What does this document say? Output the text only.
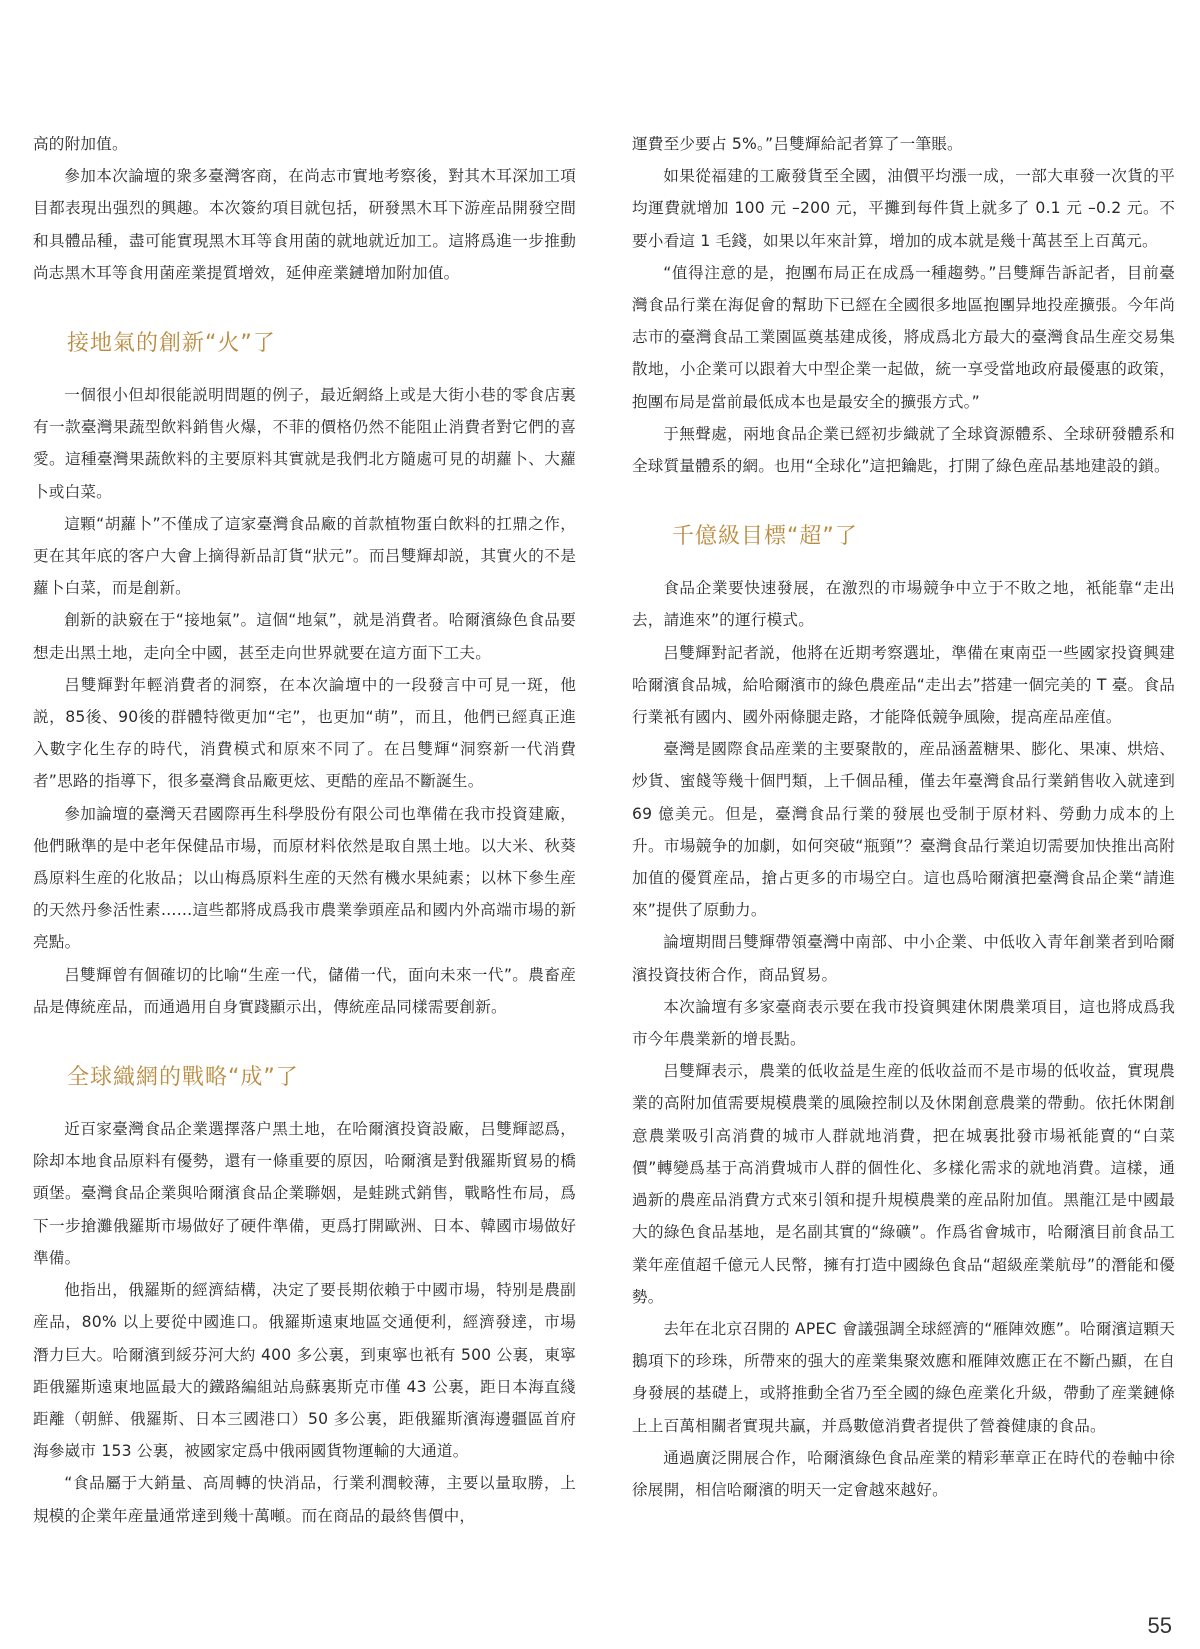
高的附加值。

參加本次論壇的衆多臺灣客商，在尚志市實地考察後，對其木耳深加工項目都表現出强烈的興趣。本次簽約項目就包括，研發黑木耳下游産品開發空間和具體品種，盡可能實現黑木耳等食用菌的就地就近加工。這將爲進一步推動尚志黑木耳等食用菌産業提質增效，延伸産業鏈增加附加值。

接地氣的創新“火”了

一個很小但却很能説明問題的例子，最近網絡上或是大街小巷的零食店裏有一款臺灣果蔬型飲料銷售火爆，不菲的價格仍然不能阻止消費者對它們的喜愛。這種臺灣果蔬飲料的主要原料其實就是我們北方隨處可見的胡蘿卜、大蘿卜或白菜。

這顆“胡蘿卜”不僅成了這家臺灣食品廠的首款植物蛋白飲料的扛鼎之作，更在其年底的客户大會上摘得新品訂貨“狀元”。而吕雙輝却説，其實火的不是蘿卜白菜，而是創新。

創新的訣竅在于“接地氣”。這個“地氣”，就是消費者。哈爾濱綠色食品要想走出黑土地，走向全中國，甚至走向世界就要在這方面下工夫。

吕雙輝對年輕消費者的洞察，在本次論壇中的一段發言中可見一斑，他説，85後、90後的群體特徵更加“宅”，也更加“萌”，而且，他們已經真正進入數字化生存的時代，消費模式和原來不同了。在吕雙輝“洞察新一代消費者”思路的指導下，很多臺灣食品廠更炫、更酷的産品不斷誕生。

參加論壇的臺灣天君國際再生科學股份有限公司也準備在我市投資建廠，他們瞅準的是中老年保健品市場，而原材料依然是取自黑土地。以大米、秋葵爲原料生産的化妝品；以山梅爲原料生産的天然有機水果純素；以林下參生産的天然丹參活性素……這些都將成爲我市農業拳頭産品和國内外高端市場的新亮點。

吕雙輝曾有個確切的比喻“生産一代，儲備一代，面向未來一代”。農畜産品是傳統産品，而通過用自身實踐顯示出，傳統産品同樣需要創新。

全球織網的戰略“成”了

近百家臺灣食品企業選擇落户黑土地，在哈爾濱投資設廠，吕雙輝認爲，除却本地食品原料有優勢，還有一條重要的原因，哈爾濱是對俄羅斯貿易的橋頭堡。臺灣食品企業與哈爾濱食品企業聯姻，是蛙跳式銷售，戰略性布局，爲下一步搶灘俄羅斯市場做好了硬件準備，更爲打開歐洲、日本、韓國市場做好準備。

他指出，俄羅斯的經濟結構，决定了要長期依賴于中國市場，特别是農副産品，80% 以上要從中國進口。俄羅斯遠東地區交通便利，經濟發達，市場潛力巨大。哈爾濱到綏芬河大約 400 多公裏，到東寧也衹有 500 公裏，東寧距俄羅斯遠東地區最大的鐵路編組站烏蘇裏斯克市僅 43 公裏，距日本海直綫距離（朝鮮、俄羅斯、日本三國港口）50 多公裏，距俄羅斯濱海邊疆區首府海參崴市 153 公裏，被國家定爲中俄兩國貨物運輸的大通道。

“食品屬于大銷量、高周轉的快消品，行業利潤較薄，主要以量取勝，上規模的企業年産量通常達到幾十萬噸。而在商品的最終售價中，

運費至少要占 5%。”吕雙輝給記者算了一筆賬。

如果從福建的工廠發貨至全國，油價平均漲一成，一部大車發一次貨的平均運費就增加 100 元 –200 元，平攤到每件貨上就多了 0.1 元 –0.2 元。不要小看這 1 毛錢，如果以年來計算，增加的成本就是幾十萬甚至上百萬元。

“值得注意的是，抱團布局正在成爲一種趨勢。”吕雙輝告訴記者，目前臺灣食品行業在海促會的幫助下已經在全國很多地區抱團异地投産擴張。今年尚志市的臺灣食品工業園區奠基建成後，將成爲北方最大的臺灣食品生産交易集散地，小企業可以跟着大中型企業一起做，統一享受當地政府最優惠的政策，抱團布局是當前最低成本也是最安全的擴張方式。”

于無聲處，兩地食品企業已經初步織就了全球資源體系、全球研發體系和全球質量體系的網。也用“全球化”這把鑰匙，打開了綠色産品基地建設的鎖。

千億級目標“超”了

食品企業要快速發展，在激烈的市場競争中立于不敗之地，衹能靠“走出去，請進來”的運行模式。

吕雙輝對記者説，他將在近期考察選址，準備在東南亞一些國家投資興建哈爾濱食品城，給哈爾濱市的綠色農産品“走出去”搭建一個完美的 T 臺。食品行業衹有國内、國外兩條腿走路，才能降低競争風險，提高産品産值。

臺灣是國際食品産業的主要聚散的，産品涵蓋糖果、膨化、果凍、烘焙、炒貨、蜜餞等幾十個門類，上千個品種，僅去年臺灣食品行業銷售收入就達到 69 億美元。但是，臺灣食品行業的發展也受制于原材料、勞動力成本的上升。市場競争的加劇，如何突破“瓶頸”？臺灣食品行業迫切需要加快推出高附加值的優質産品，搶占更多的市場空白。這也爲哈爾濱把臺灣食品企業“請進來”提供了原動力。

論壇期間吕雙輝帶領臺灣中南部、中小企業、中低收入青年創業者到哈爾濱投資技術合作，商品貿易。

本次論壇有多家臺商表示要在我市投資興建休閑農業項目，這也將成爲我市今年農業新的增長點。

吕雙輝表示，農業的低收益是生産的低收益而不是市場的低收益，實現農業的高附加值需要規模農業的風險控制以及休閑創意農業的帶動。依托休閑創意農業吸引高消費的城市人群就地消費，把在城裏批發市場衹能賣的“白菜價”轉變爲基于高消費城市人群的個性化、多樣化需求的就地消費。這樣，通過新的農産品消費方式來引領和提升規模農業的産品附加值。黑龍江是中國最大的綠色食品基地，是名副其實的“綠礦”。作爲省會城市，哈爾濱目前食品工業年産值超千億元人民幣，擁有打造中國綠色食品“超級産業航母”的潛能和優勢。

去年在北京召開的 APEC 會議强調全球經濟的“雁陣效應”。哈爾濱這顆天鵝項下的珍珠，所帶來的强大的産業集聚效應和雁陣效應正在不斷凸顯，在自身發展的基礎上，或將推動全省乃至全國的綠色産業化升級，帶動了産業鏈條上上百萬相關者實現共贏，并爲數億消費者提供了營養健康的食品。

通過廣泛開展合作，哈爾濱綠色食品産業的精彩華章正在時代的卷軸中徐徐展開，相信哈爾濱的明天一定會越來越好。

55
